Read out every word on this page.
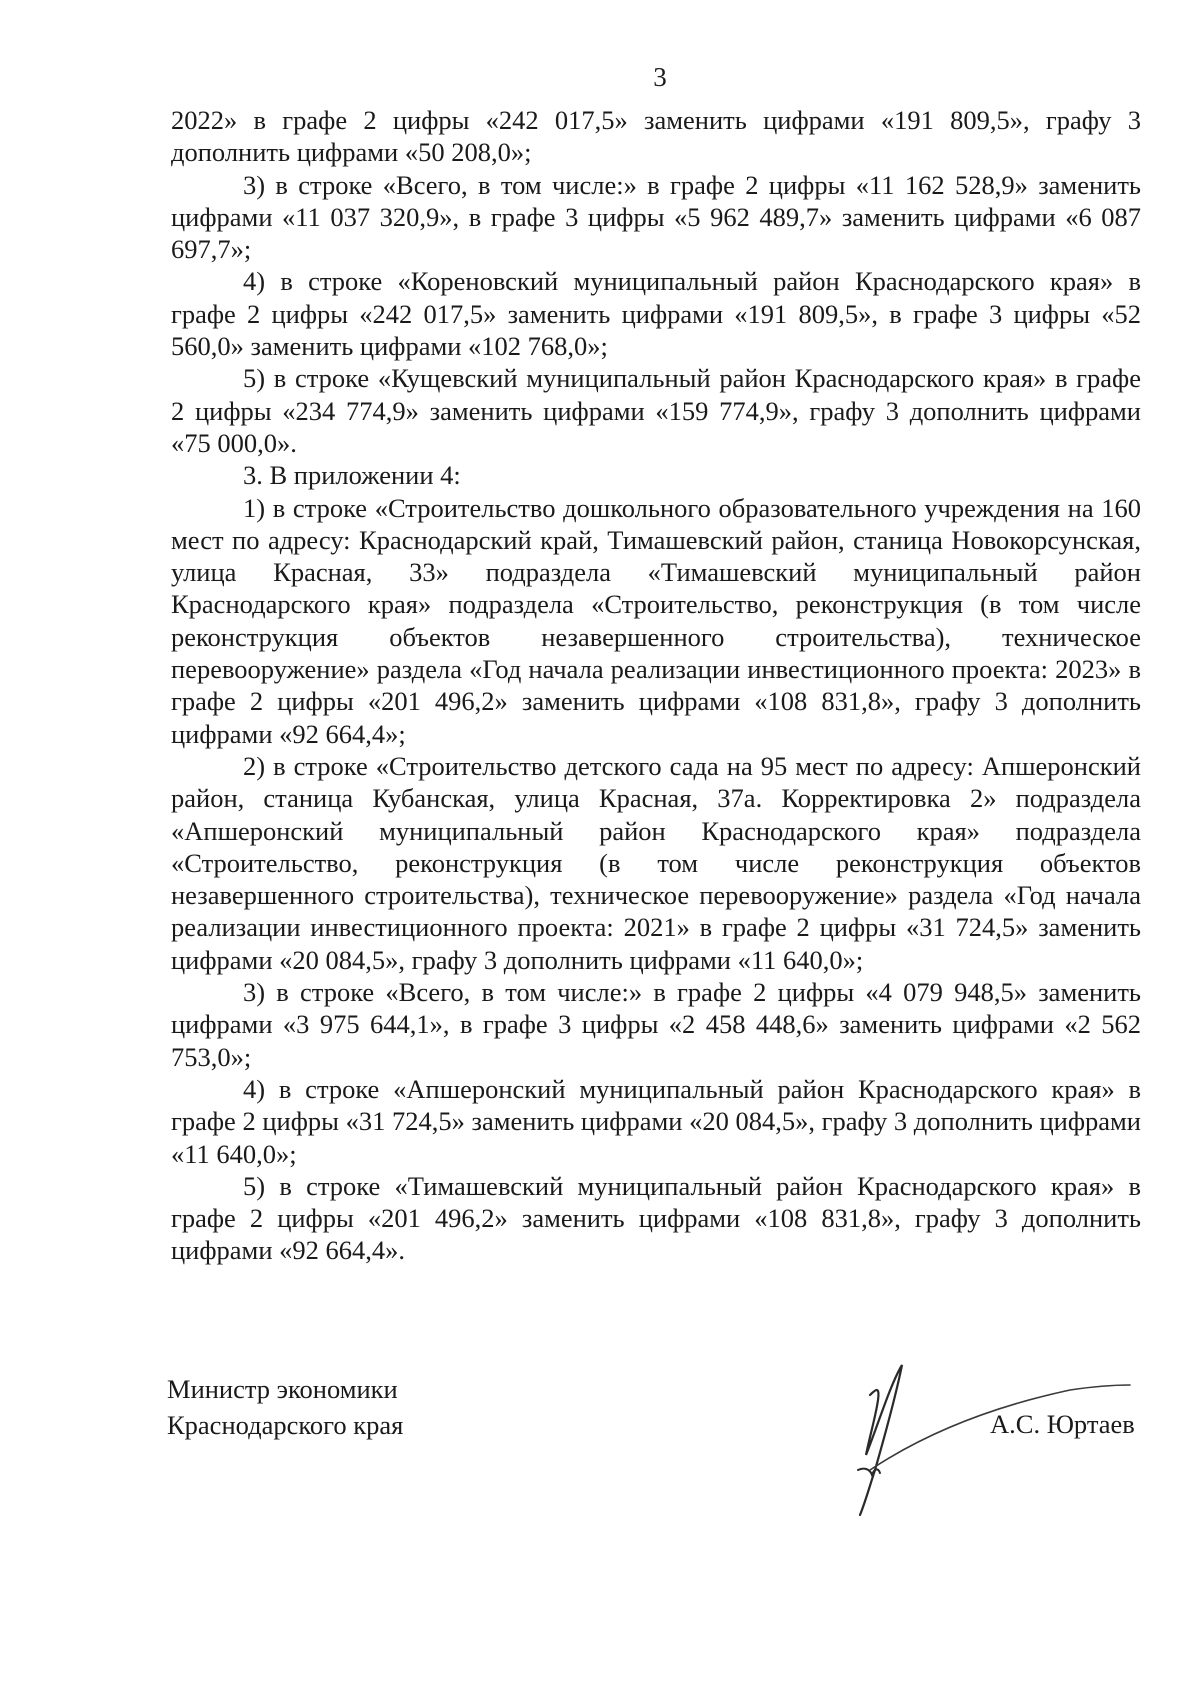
3

2022» в графе 2 цифры «242 017,5» заменить цифрами «191 809,5», графу 3 дополнить цифрами «50 208,0»;

3) в строке «Всего, в том числе:» в графе 2 цифры «11 162 528,9» заменить цифрами «11 037 320,9», в графе 3 цифры «5 962 489,7» заменить цифрами «6 087 697,7»;

4) в строке «Кореновский муниципальный район Краснодарского края» в графе 2 цифры «242 017,5» заменить цифрами «191 809,5», в графе 3 цифры «52 560,0» заменить цифрами «102 768,0»;

5) в строке «Кущевский муниципальный район Краснодарского края» в графе 2 цифры «234 774,9» заменить цифрами «159 774,9», графу 3 дополнить цифрами «75 000,0».

3. В приложении 4:

1) в строке «Строительство дошкольного образовательного учреждения на 160 мест по адресу: Краснодарский край, Тимашевский район, станица Новокорсунская, улица Красная, 33» подраздела «Тимашевский муниципальный район Краснодарского края» подраздела «Строительство, реконструкция (в том числе реконструкция объектов незавершенного строительства), техническое перевооружение» раздела «Год начала реализации инвестиционного проекта: 2023» в графе 2 цифры «201 496,2» заменить цифрами «108 831,8», графу 3 дополнить цифрами «92 664,4»;

2) в строке «Строительство детского сада на 95 мест по адресу: Апшеронский район, станица Кубанская, улица Красная, 37а. Корректировка 2» подраздела «Апшеронский муниципальный район Краснодарского края» подраздела «Строительство, реконструкция (в том числе реконструкция объектов незавершенного строительства), техническое перевооружение» раздела «Год начала реализации инвестиционного проекта: 2021» в графе 2 цифры «31 724,5» заменить цифрами «20 084,5», графу 3 дополнить цифрами «11 640,0»;

3) в строке «Всего, в том числе:» в графе 2 цифры «4 079 948,5» заменить цифрами «3 975 644,1», в графе 3 цифры «2 458 448,6» заменить цифрами «2 562 753,0»;

4) в строке «Апшеронский муниципальный район Краснодарского края» в графе 2 цифры «31 724,5» заменить цифрами «20 084,5», графу 3 дополнить цифрами «11 640,0»;

5) в строке «Тимашевский муниципальный район Краснодарского края» в графе 2 цифры «201 496,2» заменить цифрами «108 831,8», графу 3 дополнить цифрами «92 664,4».

Министр экономики
Краснодарского края	А.С. Юртаев
